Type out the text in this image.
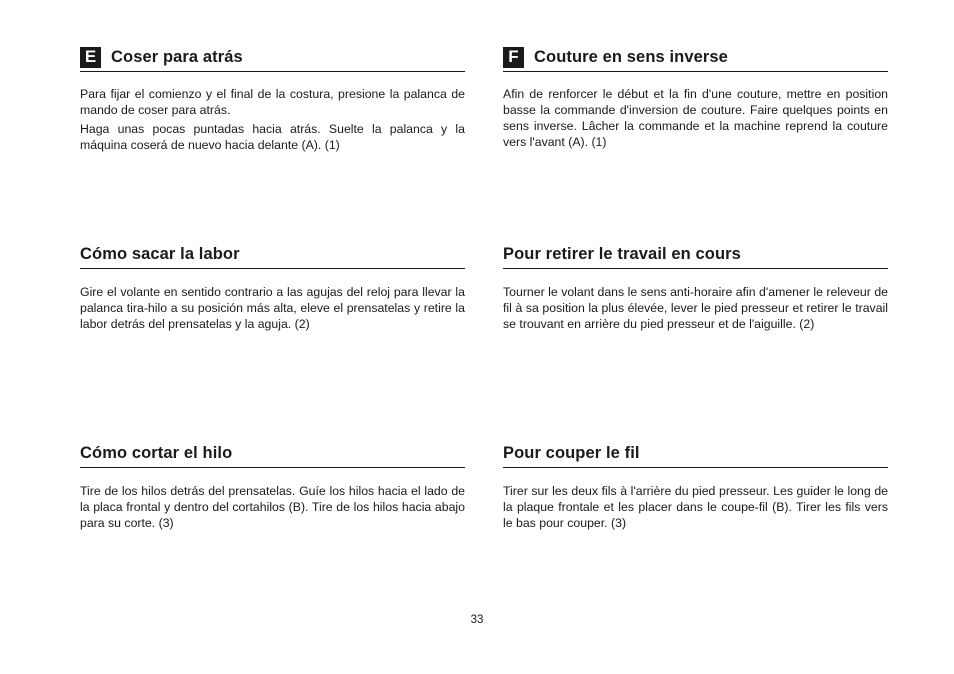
E Coser para atrás

Para fijar el comienzo y el final de la costura, presione la palanca de mando de coser para atrás.

Haga unas pocas puntadas hacia atrás. Suelte la palanca y la máquina coserá de nuevo hacia delante (A). (1)

Cómo sacar la labor

Gire el volante en sentido contrario a las agujas del reloj para llevar la palanca tira-hilo a su posición más alta, eleve el prensatelas y retire la labor detrás del prensatelas y la aguja. (2)

Cómo cortar el hilo

Tire de los hilos detrás del prensatelas. Guíe los hilos hacia el lado de la placa frontal y dentro del cortahilos (B). Tire de los hilos hacia abajo para su corte. (3)

F Couture en sens inverse

Afin de renforcer le début et la fin d'une couture, mettre en position basse la commande d'inversion de couture. Faire quelques points en sens inverse. Lâcher la commande et la machine reprend la couture vers l'avant (A). (1)

Pour retirer le travail en cours

Tourner le volant dans le sens anti-horaire afin d'amener le releveur de fil à sa position la plus élevée, lever le pied presseur et retirer le travail se trouvant en arrière du pied presseur et de l'aiguille. (2)

Pour couper le fil

Tirer sur les deux fils à l'arrière du pied presseur. Les guider le long de la plaque frontale et les placer dans le coupe-fil (B). Tirer les fils vers le bas pour couper. (3)

33
